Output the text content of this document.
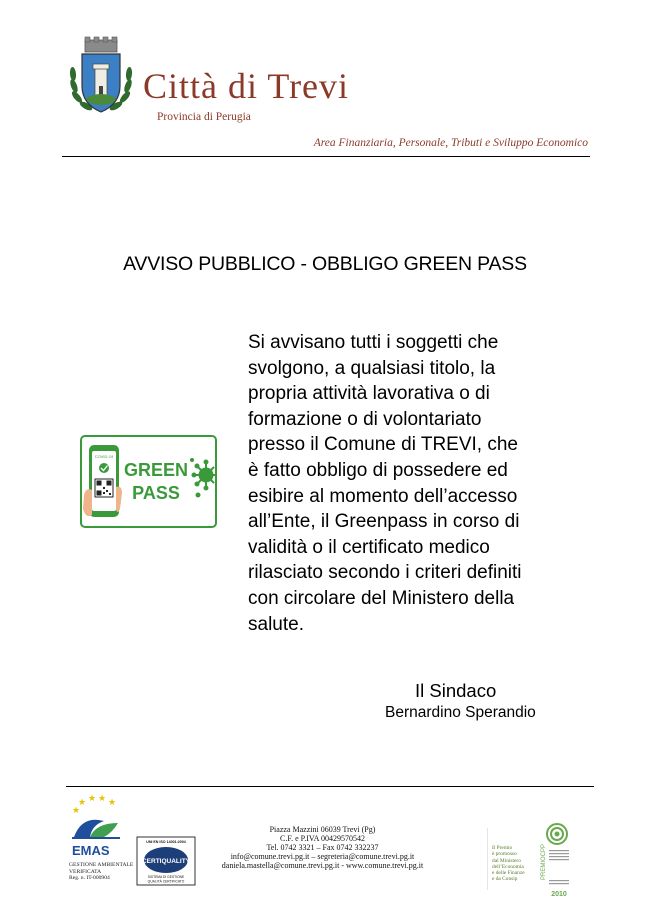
Città di Trevi
Provincia di Perugia
Area Finanziaria, Personale, Tributi e Sviluppo Economico
AVVISO PUBBLICO - OBBLIGO GREEN PASS
COVID-19
GREEN
PASS
Si avvisano tutti i soggetti che
svolgono, a qualsiasi titolo, la
propria attività lavorativa o di
formazione o di volontariato
presso il Comune di TREVI, che
è fatto obbligo di possedere ed
esibire al momento dell’accesso
all’Ente, il Greenpass in corso di
validità o il certificato medico
rilasciato secondo i criteri definiti
con circolare del Ministero della
salute.
Il Sindaco
Bernardino Sperandio
★ ★ ★ ★
★
EMAS
GESTIONE AMBIENTALE
VERIFICATA
Reg. n. IT-000904
UNI EN ISO 14001:2004
CERTIQUALITY
SISTEMA DI GESTIONE
QUALITÀ CERTIFICATO
Piazza Mazzini 06039 Trevi (Pg)
C.F. e P.IVA 00429570542
Tel. 0742 3321 – Fax 0742 332237
info@comune.trevi.pg.it – segreteria@comune.trevi.pg.it
daniela.mastella@comune.trevi.pg.it - www.comune.trevi.pg.it	PREMIOCPP
2010
Il Premio
è promosso
dal Ministero
dell’Economia
e delle Finanze
e da Consip
